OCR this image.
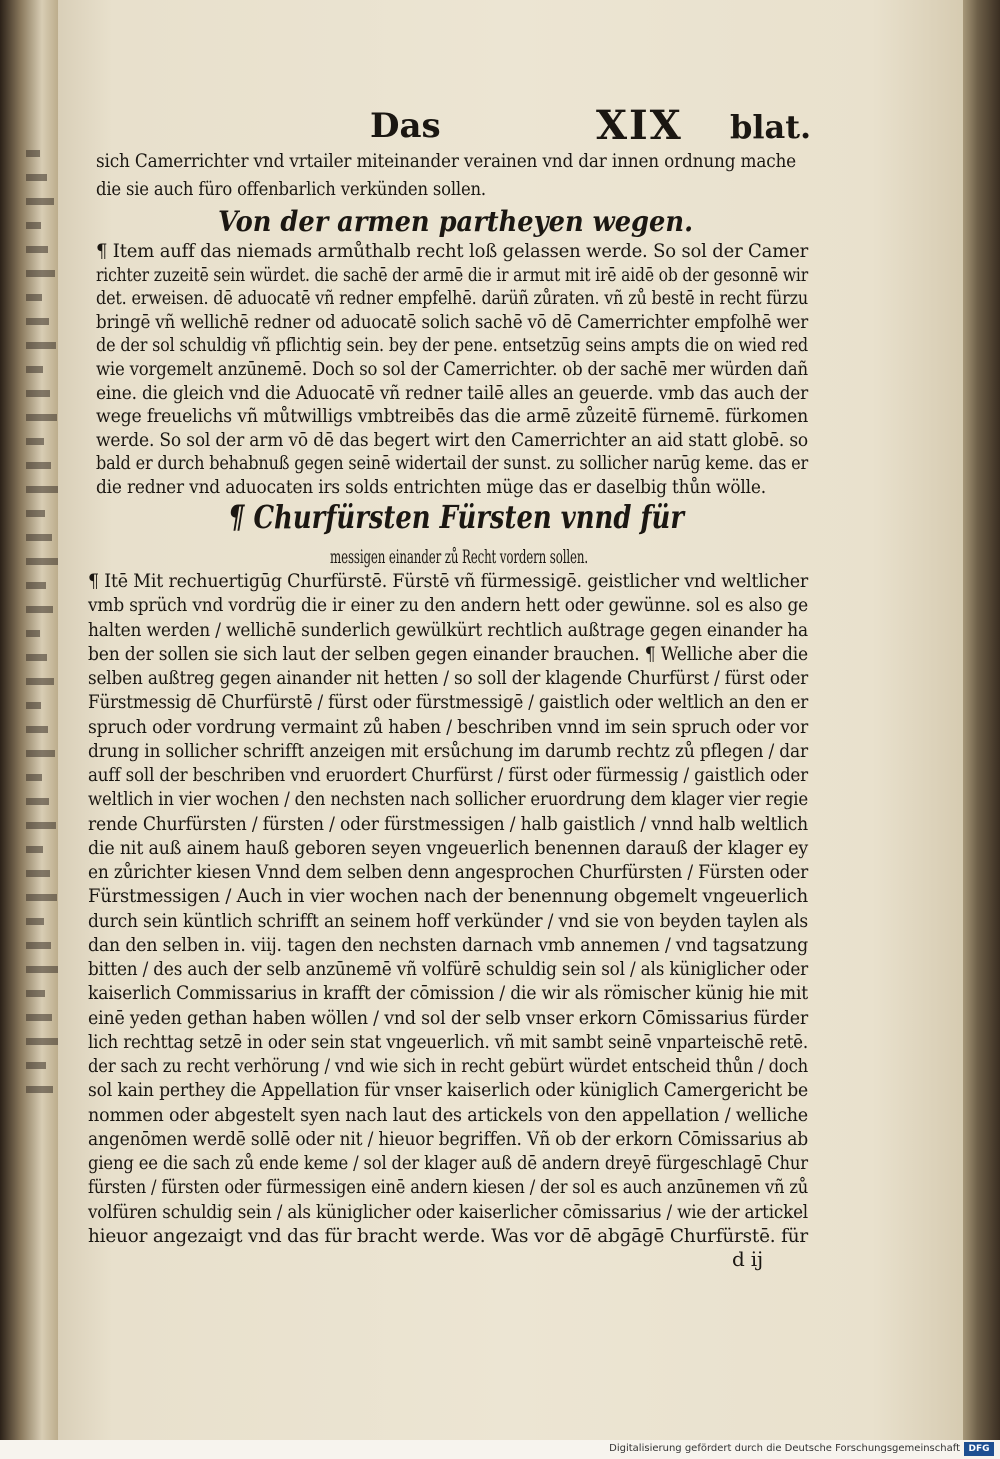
Das	XIX blat.
sich Camerrichter vnd vrtailer miteinander verainen vnd dar innen ordnung mache
die sie auch füro offenbarlich verkünden sollen.
Von der armen partheyen wegen.
¶ Item auff das niemads armůthalb recht loß gelassen werde. So sol der Camer
richter zuzeitē sein würdet. die sachē der armē die ir armut mit irē aidē ob der gesonnē wir
det. erweisen. dē aduocatē vñ redner empfelhē. darüñ zůraten. vñ zů bestē in recht fürzu
bringē vñ wellichē redner od aduocatē solich sachē vō dē Camerrichter empfolhē wer
de der sol schuldig vñ pflichtig sein. bey der pene. entsetzūg seins ampts die on wied red
wie vorgemelt anzūnemē. Doch so sol der Camerrichter. ob der sachē mer würden dañ
eine. die gleich vnd die Aduocatē vñ redner tailē alles an geuerde. vmb das auch der
wege freuelichs vñ můtwilligs vmbtreibēs das die armē zůzeitē fürnemē. fürkomen
werde. So sol der arm vō dē das begert wirt den Camerrichter an aid statt globē. so
bald er durch behabnuß gegen seinē widertail der sunst. zu sollicher narūg keme. das er
die redner vnd aduocaten irs solds entrichten müge das er daselbig thůn wölle.
¶ Churfürsten Fürsten vnnd für
messigen einander zů Recht vordern sollen.
¶ Itē Mit rechuertigūg Churfürstē. Fürstē vñ fürmessigē. geistlicher vnd weltlicher
vmb sprüch vnd vordrüg die ir einer zu den andern hett oder gewünne. sol es also ge
halten werden / wellichē sunderlich gewülkürt rechtlich außtrage gegen einander ha
ben der sollen sie sich laut der selben gegen einander brauchen. ¶ Welliche aber die
selben außtreg gegen ainander nit hetten / so soll der klagende Churfürst / fürst oder
Fürstmessig dē Churfürstē / fürst oder fürstmessigē / gaistlich oder weltlich an den er
spruch oder vordrung vermaint zů haben / beschriben vnnd im sein spruch oder vor
drung in sollicher schrifft anzeigen mit ersůchung im darumb rechtz zů pflegen / dar
auff soll der beschriben vnd eruordert Churfürst / fürst oder fürmessig / gaistlich oder
weltlich in vier wochen / den nechsten nach sollicher eruordrung dem klager vier regie
rende Churfürsten / fürsten / oder fürstmessigen / halb gaistlich / vnnd halb weltlich
die nit auß ainem hauß geboren seyen vngeuerlich benennen darauß der klager ey
en zůrichter kiesen Vnnd dem selben denn angesprochen Churfürsten / Fürsten oder
Fürstmessigen / Auch in vier wochen nach der benennung obgemelt vngeuerlich
durch sein küntlich schrifft an seinem hoff verkünder / vnd sie von beyden taylen als
dan den selben in. viij. tagen den nechsten darnach vmb annemen / vnd tagsatzung
bitten / des auch der selb anzūnemē vñ volfürē schuldig sein sol / als küniglicher oder
kaiserlich Commissarius in krafft der cōmission / die wir als römischer künig hie mit
einē yeden gethan haben wöllen / vnd sol der selb vnser erkorn Cōmissarius fürder
lich rechttag setzē in oder sein stat vngeuerlich. vñ mit sambt seinē vnparteischē retē.
der sach zu recht verhörung / vnd wie sich in recht gebürt würdet entscheid thůn / doch
sol kain perthey die Appellation für vnser kaiserlich oder küniglich Camergericht be
nommen oder abgestelt syen nach laut des artickels von den appellation / welliche
angenōmen werdē sollē oder nit / hieuor begriffen. Vñ ob der erkorn Cōmissarius ab
gieng ee die sach zů ende keme / sol der klager auß dē andern dreyē fürgeschlagē Chur
fürsten / fürsten oder fürmessigen einē andern kiesen / der sol es auch anzūnemen vñ zů
volfüren schuldig sein / als küniglicher oder kaiserlicher cōmissarius / wie der artickel
hieuor angezaigt vnd das für bracht werde. Was vor dē abgāgē Churfürstē. für
d ij
Digitalisierung gefördert durch die Deutsche Forschungsgemeinschaft DFG
